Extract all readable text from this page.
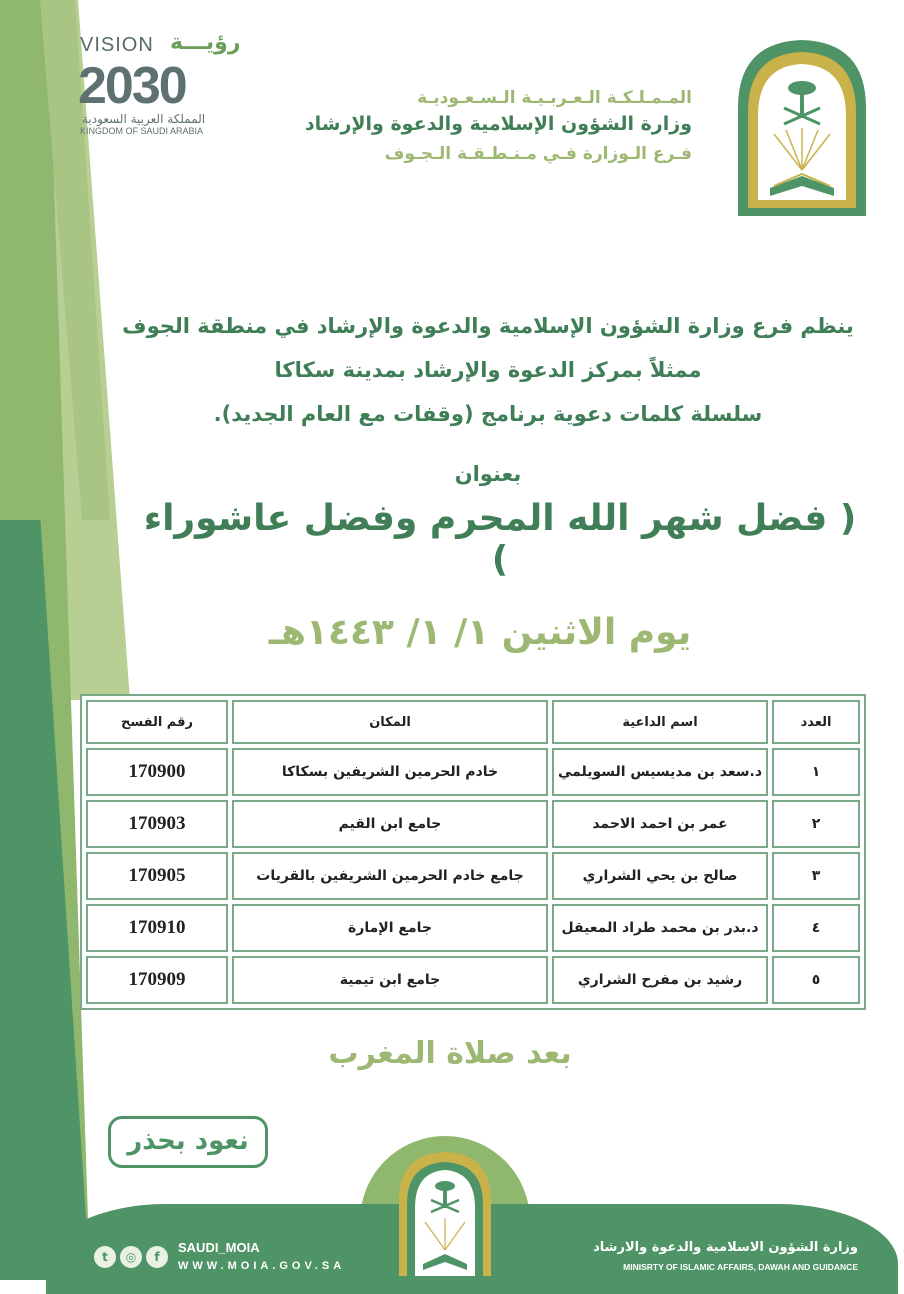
VISION رؤيـــة
2030
المملكة العربية السعودية
KINGDOM OF SAUDI ARABIA
المـمـلـكـة الـعـربـيـة الـسـعـوديـة
وزارة الشؤون الإسلامية والدعوة والإرشاد
فـرع الـوزارة فـي مـنـطـقـة الـجـوف
ينظم فرع وزارة الشؤون الإسلامية والدعوة والإرشاد في منطقة الجوف
ممثلاً بمركز الدعوة والإرشاد بمدينة سكاكا
سلسلة كلمات دعوية برنامج (وقفات مع العام الجديد).
بعنوان
( فضل شهر الله المحرم وفضل عاشوراء )
يوم الاثنين ١/ ١/ ١٤٤٣هـ
العدد	اسم الداعية	المكان	رقم الفسح
١	د.سعد بن مديسيس السويلمي	خادم الحرمين الشريفين بسكاكا	170900
٢	عمر بن احمد الاحمد	جامع ابن القيم	170903
٣	صالح بن يحي الشراري	جامع خادم الحرمين الشريفين بالقريات	170905
٤	د.بدر بن محمد طراد المعيقل	جامع الإمارة	170910
٥	رشيد بن مفرح الشراري	جامع ابن تيمية	170909
بعد صلاة المغرب
نعود بحذر
t	◎	f
SAUDI_MOIA
WWW.MOIA.GOV.SA
وزارة الشؤون الاسلامية والدعوة والارشاد
MINISRTY OF ISLAMIC AFFAIRS, DAWAH AND GUIDANCE
